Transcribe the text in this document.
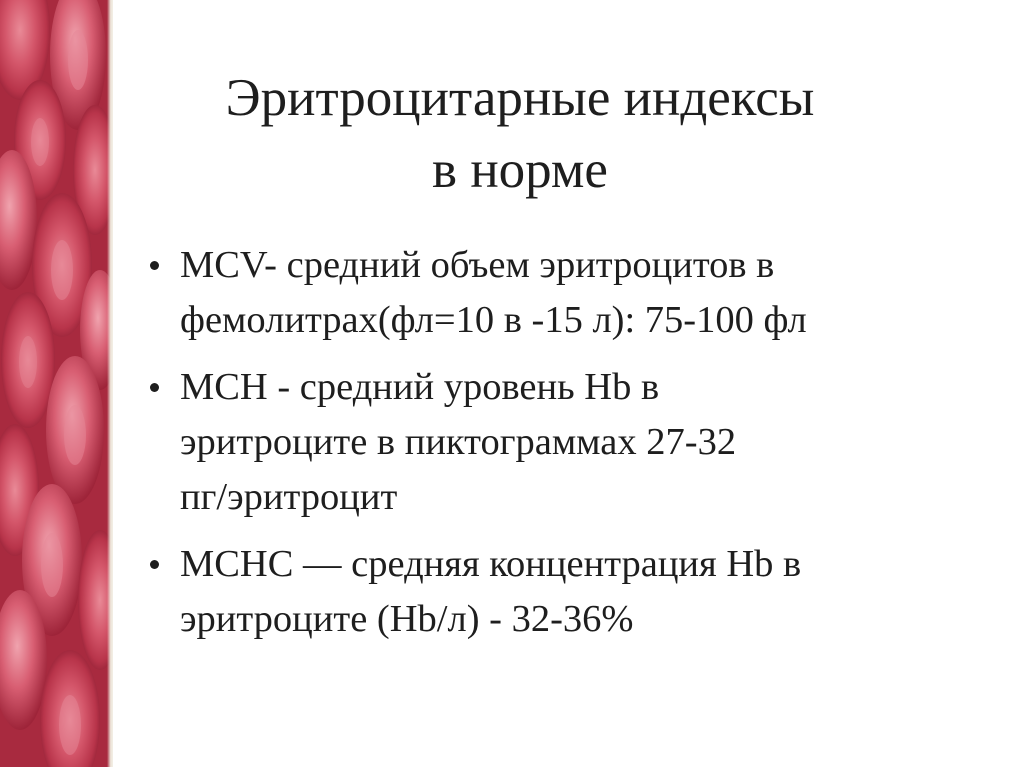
Эритроцитарные индексы
в норме
MCV- средний объем эритроцитов в
фемолитрах(фл=10 в -15 л): 75-100 фл
MCH - средний уровень Hb в
эритроците в пиктограммах 27-32
пг/эритроцит
MCHC — средняя концентрация Hb в
эритроците (Hb/л) - 32-36%
